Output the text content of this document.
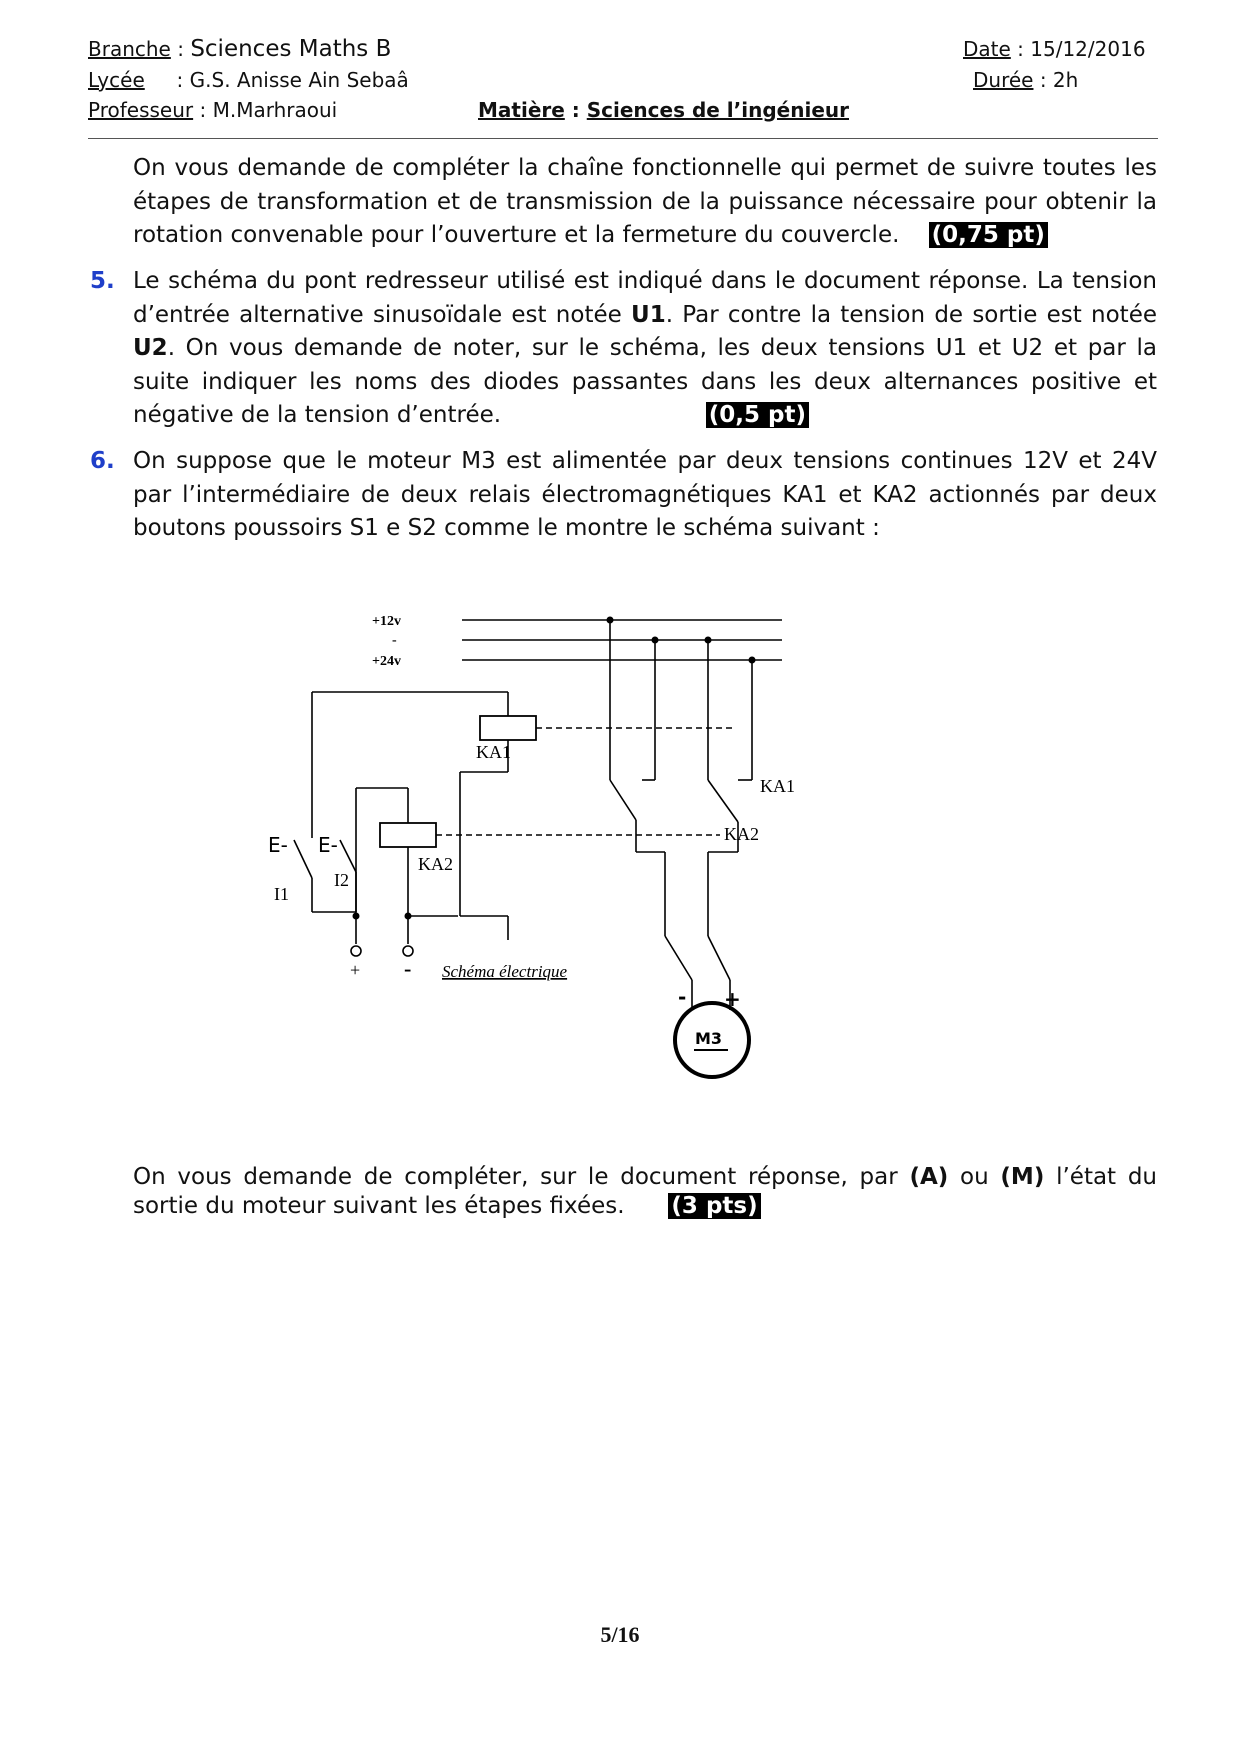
Branche : Sciences Maths B
Lycée     : G.S. Anisse Ain Sebaâ
Professeur : M.Marhraoui	Matière : Sciences de l’ingénieur
Date : 15/12/2016
Durée : 2h
On vous demande de compléter la chaîne fonctionnelle qui permet de suivre toutes les étapes de transformation et de transmission de la puissance nécessaire pour obtenir la rotation convenable pour l’ouverture et la fermeture du couvercle. (0,75 pt)
5. Le schéma du pont redresseur utilisé est indiqué dans le document réponse. La tension d’entrée alternative sinusoïdale est notée U1. Par contre la tension de sortie est notée U2. On vous demande de noter, sur le schéma, les deux tensions U1 et U2 et par la suite indiquer les noms des diodes passantes dans les deux alternances positive et négative de la tension d’entrée.	(0,5 pt)
6. On suppose que le moteur M3 est alimentée par deux tensions continues 12V et 24V par l’intermédiaire de deux relais électromagnétiques KA1 et KA2 actionnés par deux boutons poussoirs S1 e S2 comme le montre le schéma suivant :
+12v
-
+24v
KA1
KA1
KA2
KA2
I1
I2
+ - Schéma électrique
M3
- +
E- E-
On vous demande de compléter, sur le document réponse, par (A) ou (M) l’état du sortie du moteur suivant les étapes fixées. (3 pts)
5/16
